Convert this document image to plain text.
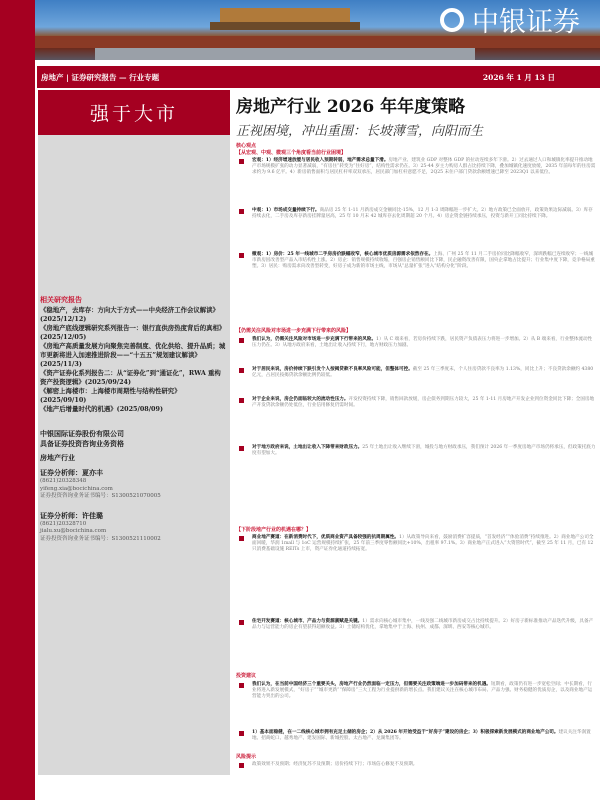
中银证券
房地产 | 证券研究报告 — 行业专题	2026 年 1 月 13 日
强于大市
相关研究报告
《稳地产，去库存：方向大于方式——中央经济工作会议解读》(2025/12/12)
《房地产底线逻辑研究系列报告一：银行直供房热度背后的真相》(2025/12/05)
《房地产高质量发展方向聚焦完善制度、优化供给、提升品质；城市更新将进入加速推进阶段——“十五五”规划建议解读》(2025/11/3)
《资产证券化系列报告二：从“证券化”到“通证化”，RWA 重构资产投资逻辑》(2025/09/24)
《解密上海楼市：上海楼市周期性与结构性研究》(2025/09/10)
《地产后增量时代的机遇》(2025/08/09)
中银国际证券股份有限公司
具备证券投资咨询业务资格
房地产行业
证券分析师：夏亦丰
(8621)20328348
yifeng.xia@bocichina.com
证券投资咨询业务证书编号：S1300521070005
证券分析师：许佳璐
(8621)20328710
jialu.xu@bocichina.com
证券投资咨询业务证书编号：S1300521110002
房地产行业 2026 年年度策略
正视困境，冲出重围：长坡薄雪，向阳而生
核心观点
【从宏观、中观、微观三个角度看当前行业困境】
宏观：1）经济增速放缓与居民收入预期转弱，地产需求总量下滑。房地产业、建筑业 GDP 对整体 GDP 的拉动连续多年下滑。2）过去通过人口和城镇化率提升推动地产市场规模扩张的动力显著减弱，“有房住”转变为“住好房”，结构性需求仍在。3）25-44 岁主力购房人群占比持续下降，叠加城镇化速度放缓，2035 年前每年的住房需求约为 9.6 亿平。4）新房销售面积与居民杠杆率双双承压，居民部门加杠杆意愿不足，2Q25 末住户部门贷款余额增速已降至 2023Q1 以来低位。
中观：1）市场成交量持续下行。商品房 25 年 1-11 月新房成交金额同比-15%，12 月 1-3 周降幅进一步扩大。2）地方政策已全面放开，政策效果边际减弱。3）库存持续去化，二手房及库存新房挂牌量居高，25 年 10 月末 42 城库存去化周期超 20 个月。4）房企资金链持续承压，投资与新开工同比持续下降。
微观：1）房价：25 年一线城市二手房房价跌幅收窄，核心城市优质房源需求依然存在。上海、广州 25 年 11 月二手房价同比降幅收窄，深圳跌幅已连续收窄；一线城市新房因改善型产品入市结构性上涨。2）房企：销售规模持续收缩，百强房企销售额同比下降，民企融资改善有限，国央企拿地占比提升；行业集中度下降，竞争格局重塑。3）居民：购房需求向改善型转变，好房子成为新的市场主线，市场从“总量扩张”进入“结构分化”阶段。
【仍需关注风险对市场进一步充满下行带来的风险】
我们认为，仍需关注风险对市场进一步充满下行带来的风险。1）从 C 端来看，若房价持续下跌，居民资产负债表压力将进一步增加。2）从 B 端来看，行业整体流动性压力仍在。3）从地方政府来看，土地出让收入持续下行，地方财政压力加剧。
对于居民来说，房价持续下跌引发个人按揭贷款不良率风险可能，但整体可控。截至 25 年三季度末，个人住房贷款不良率为 1.13%，同比上升；不良贷款余额约 4380 亿元，占居民按揭贷款余额比例仍较低。
对于企业来说，房企仍面临较大的流动性压力。开发投资持续下降，销售回款放缓，房企债务到期压力较大，25 年 1-11 月房地产开发企业到位资金同比下降；全国房地产开发贷款余额仍处低位，行业信用修复仍需时间。
对于地方政府来说，土地出让收入下降带来财政压力。25 年土地出让收入继续下滑，城投与地方财政承压，我们预计 2026 年一季度房地产市场仍将承压，但政策托底力度有望加大。
【下阶段地产行业的机遇在哪？】
商业地产赛道：在新消费时代下，优质商业资产具备较强的抗周期属性。1）从政策导向来看，鼓励消费扩容提质，“首发经济”“体验消费”持续推进。2）商业地产公司全面回暖，华润 1mall 与 1oC 运营规模持续扩张，25 年前三季度零售额同比+10%，出租率 97.1%。3）商业地产正式进入“大资管时代”，截至 25 年 11 月，已有 12 只消费基础设施 REITs 上市，资产证券化通道持续拓宽。
住宅开发赛道：核心城市、产品力与资源禀赋是关键。1）需求向核心城市集中，一线及强二线城市新房成交占比持续提升。2）好房子新标准推动产品迭代升级，具备产品力与运营能力的房企有望获得超额收益。3）土储结构优化，拿地集中于上海、杭州、成都、深圳、西安等核心城市。
投资建议
我们认为，在当前中国经济三个重要关头，房地产行业仍然面临一定压力，但需要关注政策端进一步加码带来的机遇。短期看，政策仍有进一步宽松空间；中长期看，行业将进入新发展模式，“好房子”“城市更新”“保障房”三大工程为行业提供新的增长点。我们建议关注在核心城市布局、产品力强、财务稳健的优质房企，以及商业地产运营能力突出的公司。
1）基本面稳健，在一二线核心城市拥有充足土储的房企；2）从 2026 年开始受益于“好房子”建设的房企；3）积极探索新发展模式的商业地产公司。建议关注华润置地、招商蛇口、越秀地产、建发国际、新城控股、太古地产、龙湖集团等。
风险提示
政策效果不及预期；经济复苏不及预期；房价持续下行；市场信心修复不及预期。
